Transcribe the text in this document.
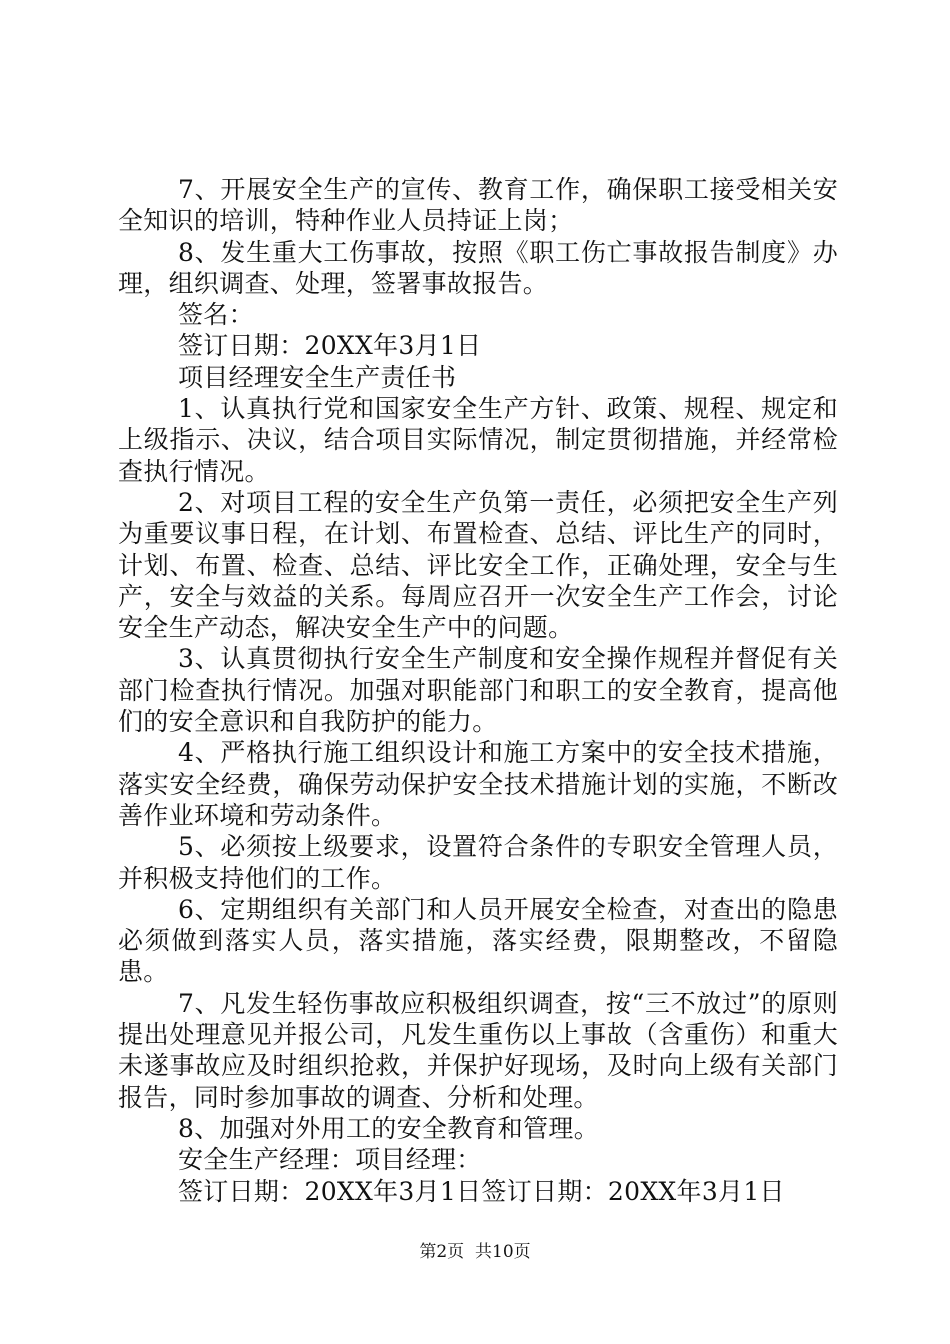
7、开展安全生产的宣传、教育工作，确保职工接受相关安全知识的培训，特种作业人员持证上岗；

8、发生重大工伤事故，按照《职工伤亡事故报告制度》办理，组织调查、处理，签署事故报告。

签名：

签订日期：20XX年3月1日

项目经理安全生产责任书

1、认真执行党和国家安全生产方针、政策、规程、规定和上级指示、决议，结合项目实际情况，制定贯彻措施，并经常检查执行情况。

2、对项目工程的安全生产负第一责任，必须把安全生产列为重要议事日程，在计划、布置检查、总结、评比生产的同时，计划、布置、检查、总结、评比安全工作，正确处理，安全与生产，安全与效益的关系。每周应召开一次安全生产工作会，讨论安全生产动态，解决安全生产中的问题。

3、认真贯彻执行安全生产制度和安全操作规程并督促有关部门检查执行情况。加强对职能部门和职工的安全教育，提高他们的安全意识和自我防护的能力。

4、严格执行施工组织设计和施工方案中的安全技术措施，落实安全经费，确保劳动保护安全技术措施计划的实施，不断改善作业环境和劳动条件。

5、必须按上级要求，设置符合条件的专职安全管理人员，并积极支持他们的工作。

6、定期组织有关部门和人员开展安全检查，对查出的隐患必须做到落实人员，落实措施，落实经费，限期整改，不留隐患。

7、凡发生轻伤事故应积极组织调查，按“三不放过”的原则提出处理意见并报公司，凡发生重伤以上事故（含重伤）和重大未遂事故应及时组织抢救，并保护好现场，及时向上级有关部门报告，同时参加事故的调查、分析和处理。

8、加强对外用工的安全教育和管理。

安全生产经理：项目经理：

签订日期：20XX年3月1日签订日期：20XX年3月1日

第2页 共10页
